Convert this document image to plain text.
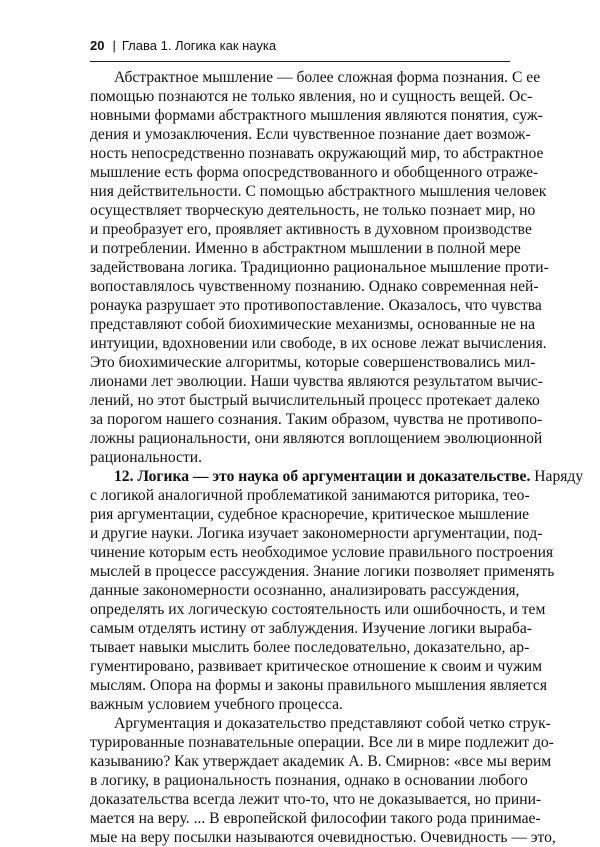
20 | Глава 1. Логика как наука
Абстрактное мышление — более сложная форма познания. С ее
помощью познаются не только явления, но и сущность вещей. Ос-
новными формами абстрактного мышления являются понятия, суж-
дения и умозаключения. Если чувственное познание дает возмож-
ность непосредственно познавать окружающий мир, то абстрактное
мышление есть форма опосредствованного и обобщенного отраже-
ния действительности. С помощью абстрактного мышления человек
осуществляет творческую деятельность, не только познает мир, но
и преобразует его, проявляет активность в духовном производстве
и потреблении. Именно в абстрактном мышлении в полной мере
задействована логика. Традиционно рациональное мышление проти-
вопоставлялось чувственному познанию. Однако современная ней-
ронаука разрушает это противопоставление. Оказалось, что чувства
представляют собой биохимические механизмы, основанные не на
интуиции, вдохновении или свободе, в их основе лежат вычисления.
Это биохимические алгоритмы, которые совершенствовались мил-
лионами лет эволюции. Наши чувства являются результатом вычис-
лений, но этот быстрый вычислительный процесс протекает далеко
за порогом нашего сознания. Таким образом, чувства не противопо-
ложны рациональности, они являются воплощением эволюционной
рациональности.
12. Логика — это наука об аргументации и доказательстве. Наряду
с логикой аналогичной проблематикой занимаются риторика, тео-
рия аргументации, судебное красноречие, критическое мышление
и другие науки. Логика изучает закономерности аргументации, под-
чинение которым есть необходимое условие правильного построения
мыслей в процессе рассуждения. Знание логики позволяет применять
данные закономерности осознанно, анализировать рассуждения,
определять их логическую состоятельность или ошибочность, и тем
самым отделять истину от заблуждения. Изучение логики выраба-
тывает навыки мыслить более последовательно, доказательно, ар-
гументировано, развивает критическое отношение к своим и чужим
мыслям. Опора на формы и законы правильного мышления является
важным условием учебного процесса.
Аргументация и доказательство представляют собой четко струк-
турированные познавательные операции. Все ли в мире подлежит до-
казыванию? Как утверждает академик А. В. Смирнов: «все мы верим
в логику, в рациональность познания, однако в основании любого
доказательства всегда лежит что-то, что не доказывается, но прини-
мается на веру. ... В европейской философии такого рода принимае-
мые на веру посылки называются очевидностью. Очевидность — это,
